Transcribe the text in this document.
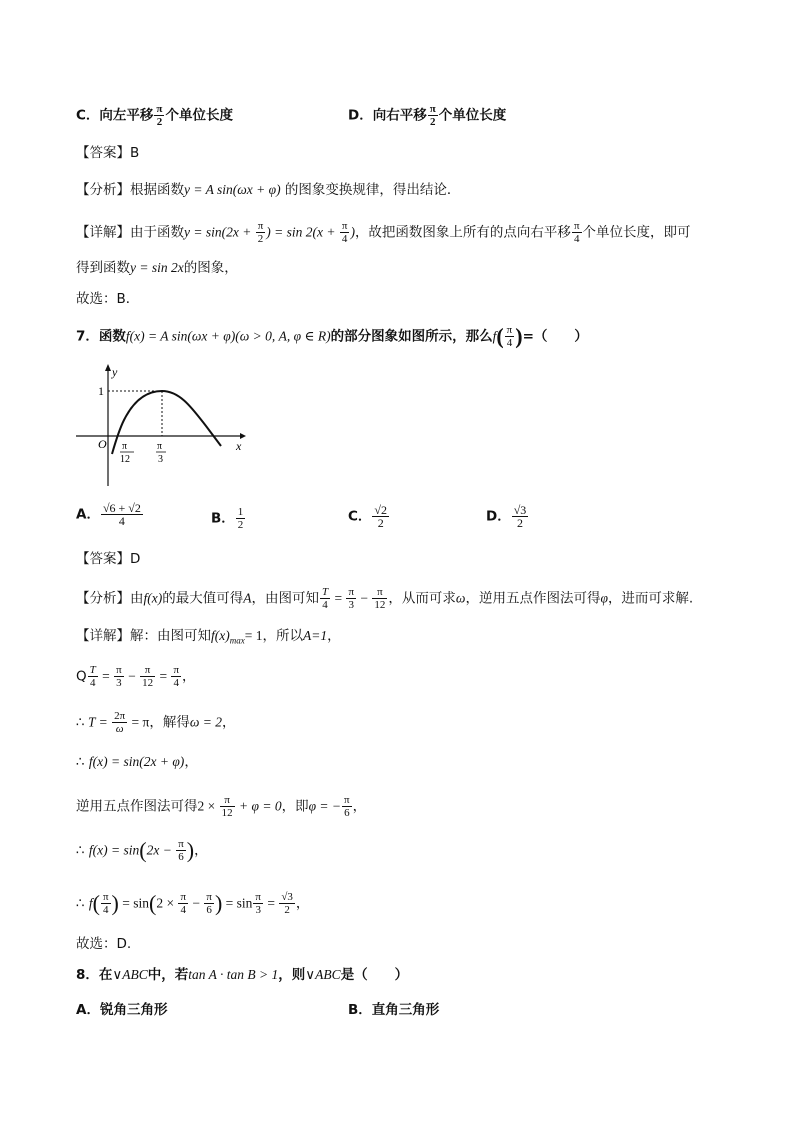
C．向左平移 $\frac{\pi}{2}$ 个单位长度	D．向右平移 $\frac{\pi}{2}$ 个单位长度
【答案】B
【分析】根据函数y = A sin(ωx + φ) 的图象变换规律，得出结论．
【详解】由于函数$y = \sin(2x + \frac{\pi}{2}$ ) = $\sin 2(x + \frac{\pi}{4}$ )，故把函数图象上所有的点向右平移 $\frac{\pi}{4}$ 个单位长度，即可
得到函数y = sin 2x的图象，
故选：B．
7．函数f(x) = A sin(ωx + φ)(ω > 0, A, φ ∈ R)的部分图象如图所示，那么$f( \frac{\pi}{4}$ )=（　　）
y
x
O
1
π
12
π
3
A． $\frac{√6 + √2}{4}$	B． $\frac{1}{2}$	C． $\frac{√2}{2}$	D． $\frac{√3}{2}$
【答案】D
【分析】由f(x)的最大值可得A，由图可知 $\frac{T}{4} = \frac{\pi}{3} - \frac{\pi}{12}$ ，从而可求ω，逆用五点作图法可得φ，进而可求解.
【详解】解：由图可知$f(x)_{max}= 1$，所以A=1，
Q $\frac{T}{4} = \frac{\pi}{3} - \frac{\pi}{12} = \frac{\pi}{4}$ ，
∴ $T = \frac{2\pi}{\omega} = \pi$，解得ω = 2，
∴ f(x) = sin(2x + φ)，
逆用五点作图法可得$2 \times \frac{\pi}{12} + \varphi = 0$，即φ = − $\frac{\pi}{6}$ ，
∴ $f(x) = \sin(2x - \frac{\pi}{6}$ )，
∴ $f( \frac{\pi}{4}$ ) = $\sin(2 \times \frac{\pi}{4} - \frac{\pi}{6}$ ) = $\sin \frac{\pi}{3} = \frac{√3}{2}$ ，
故选：D.
8．在∨ABC中，若tan A · tan B > 1，则∨ABC是（　　）
A．锐角三角形	B．直角三角形
